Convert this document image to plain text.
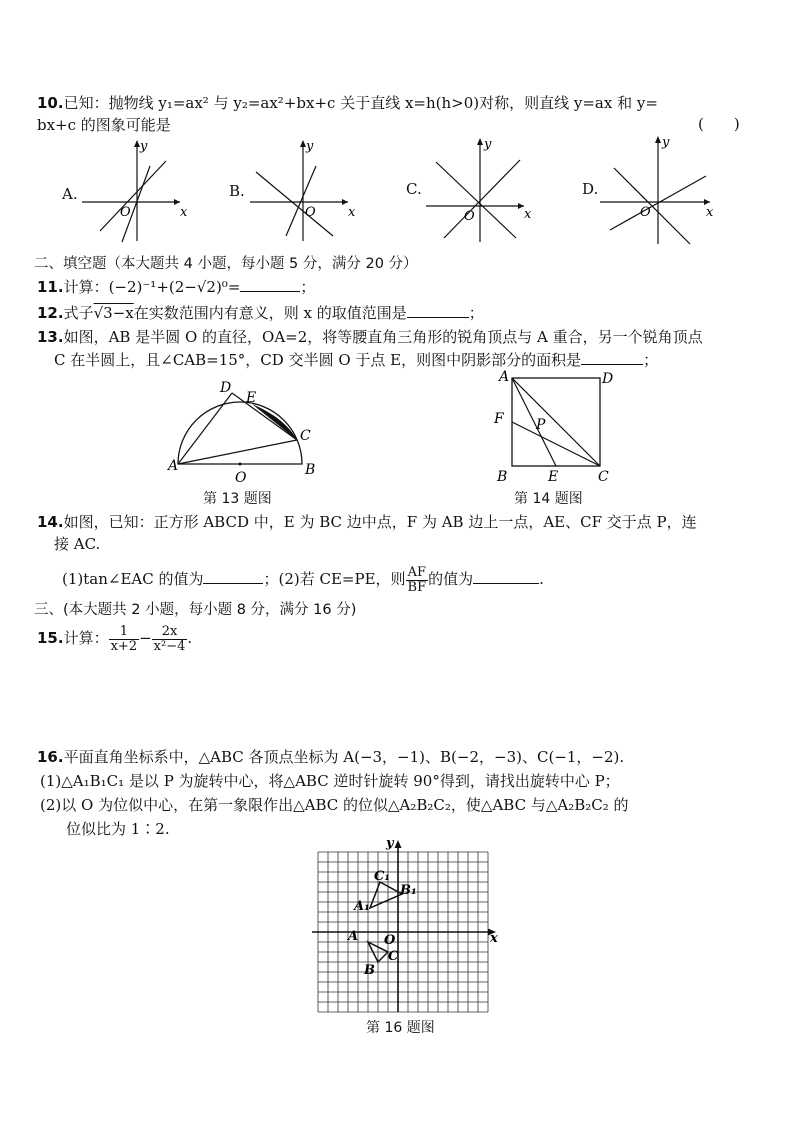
10.已知：抛物线 y₁=ax² 与 y₂=ax²+bx+c 关于直线 x=h(h>0)对称，则直线 y=ax 和 y=
bx+c 的图象可能是	(　　)
A.
y
x
O
B.
y
x
O
C.
y
x
O
D.
y
x
O
二、填空题（本大题共 4 小题，每小题 5 分，满分 20 分）
11.计算：(−2)⁻¹+(2−√2)⁰=	；
12.式子√3−x在实数范围内有意义，则 x 的取值范围是	；
13.如图，AB 是半圆 O 的直径，OA=2，将等腰直角三角形的锐角顶点与 A 重合，另一个锐角顶点
C 在半圆上，且∠CAB=15°，CD 交半圆 O 于点 E，则图中阴影部分的面积是	；
A	B
C
D
E
O
第 13 题图
A	D
B	C
E
F P
第 14 题图
14.如图，已知：正方形 ABCD 中，E 为 BC 边中点，F 为 AB 边上一点，AE、CF 交于点 P，连
接 AC.
(1)tan∠EAC 的值为	；(2)若 CE=PE，则 $\frac{AF}{BF}$ 的值为	.
三、(本大题共 2 小题，每小题 8 分，满分 16 分)
15.计算： $\frac{1}{x+2} - \frac{2x}{\text{x²−4}}$ .
16.平面直角坐标系中，△ABC 各顶点坐标为 A(−3，−1)、B(−2，−3)、C(−1，−2).
(1)△A₁B₁C₁ 是以 P 为旋转中心，将△ABC 逆时针旋转 90°得到，请找出旋转中心 P；
(2)以 O 为位似中心，在第一象限作出△ABC 的位似△A₂B₂C₂，使△ABC 与△A₂B₂C₂ 的
位似比为 1∶2.
y
x
O
A
B
C
A₁
B₁
C₁
第 16 题图
